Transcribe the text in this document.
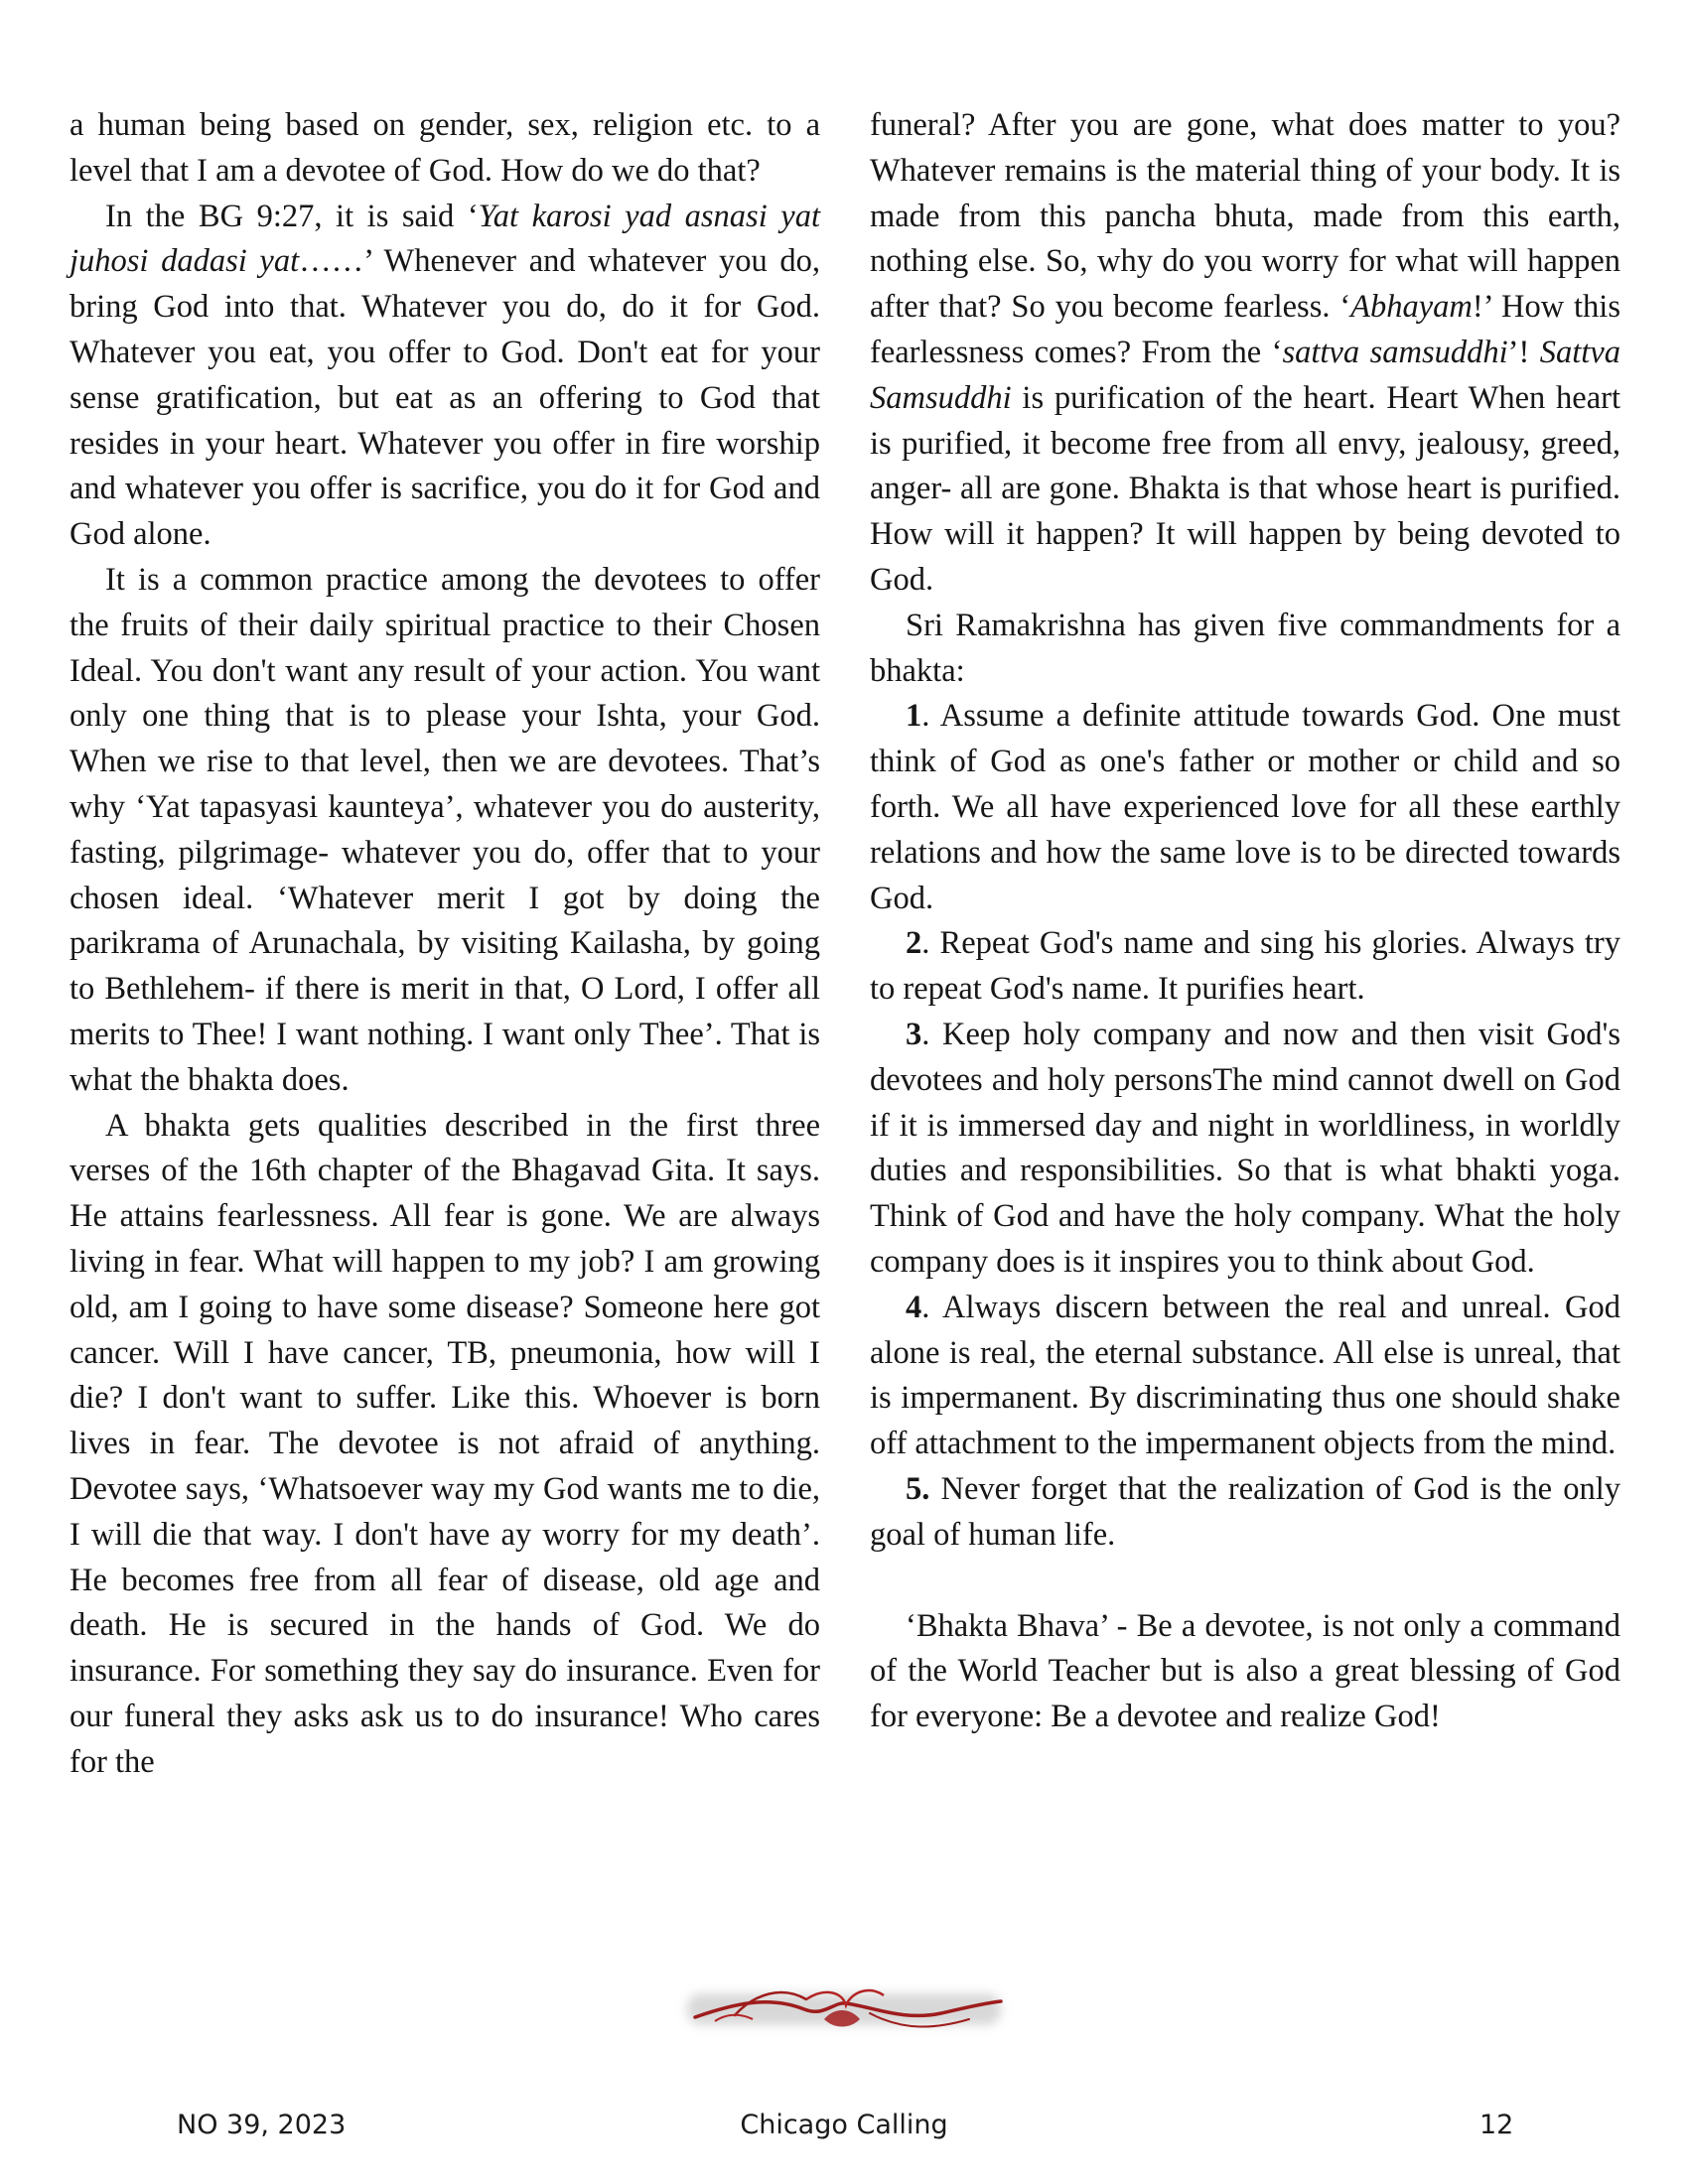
a human being based on gender, sex, religion etc. to a level that I am a devotee of God. How do we do that?

In the BG 9:27, it is said ‘Yat karosi yad asnasi yat juhosi dadasi yat……’ Whenever and whatever you do, bring God into that. Whatever you do, do it for God. Whatever you eat, you offer to God. Don't eat for your sense gratification, but eat as an offering to God that resides in your heart. Whatever you offer in fire worship and whatever you offer is sacrifice, you do it for God and God alone.

It is a common practice among the devotees to offer the fruits of their daily spiritual practice to their Chosen Ideal. You don't want any result of your action. You want only one thing that is to please your Ishta, your God. When we rise to that level, then we are devotees. That’s why ‘Yat tapasyasi kaunteya’, whatever you do austerity, fasting, pilgrimage- whatever you do, offer that to your chosen ideal. ‘Whatever merit I got by doing the parikrama of Arunachala, by visiting Kailasha, by going to Bethlehem- if there is merit in that, O Lord, I offer all merits to Thee! I want nothing. I want only Thee’. That is what the bhakta does.

A bhakta gets qualities described in the first three verses of the 16th chapter of the Bhagavad Gita. It says. He attains fearlessness. All fear is gone. We are always living in fear. What will happen to my job? I am growing old, am I going to have some disease? Someone here got cancer. Will I have cancer, TB, pneumonia, how will I die? I don't want to suffer. Like this. Whoever is born lives in fear. The devotee is not afraid of anything. Devotee says, ‘Whatsoever way my God wants me to die, I will die that way. I don't have ay worry for my death’. He becomes free from all fear of disease, old age and death. He is secured in the hands of God. We do insurance. For something they say do insurance. Even for our funeral they asks ask us to do insurance! Who cares for the

funeral? After you are gone, what does matter to you? Whatever remains is the material thing of your body. It is made from this pancha bhuta, made from this earth, nothing else. So, why do you worry for what will happen after that? So you become fearless. ‘Abhayam!’ How this fearlessness comes? From the ‘sattva samsuddhi’! Sattva Samsuddhi is purification of the heart. Heart When heart is purified, it become free from all envy, jealousy, greed, anger- all are gone. Bhakta is that whose heart is purified. How will it happen? It will happen by being devoted to God.

Sri Ramakrishna has given five commandments for a bhakta:

1. Assume a definite attitude towards God. One must think of God as one's father or mother or child and so forth. We all have experienced love for all these earthly relations and how the same love is to be directed towards God.

2. Repeat God's name and sing his glories. Always try to repeat God's name. It purifies heart.

3. Keep holy company and now and then visit God's devotees and holy personsThe mind cannot dwell on God if it is immersed day and night in worldliness, in worldly duties and responsibilities. So that is what bhakti yoga. Think of God and have the holy company. What the holy company does is it inspires you to think about God.

4. Always discern between the real and unreal. God alone is real, the eternal substance. All else is unreal, that is impermanent. By discriminating thus one should shake off attachment to the impermanent objects from the mind.

5. Never forget that the realization of God is the only goal of human life.

‘Bhakta Bhava’ - Be a devotee, is not only a command of the World Teacher but is also a great blessing of God for everyone: Be a devotee and realize God!

NO 39, 2023	Chicago Calling	12
